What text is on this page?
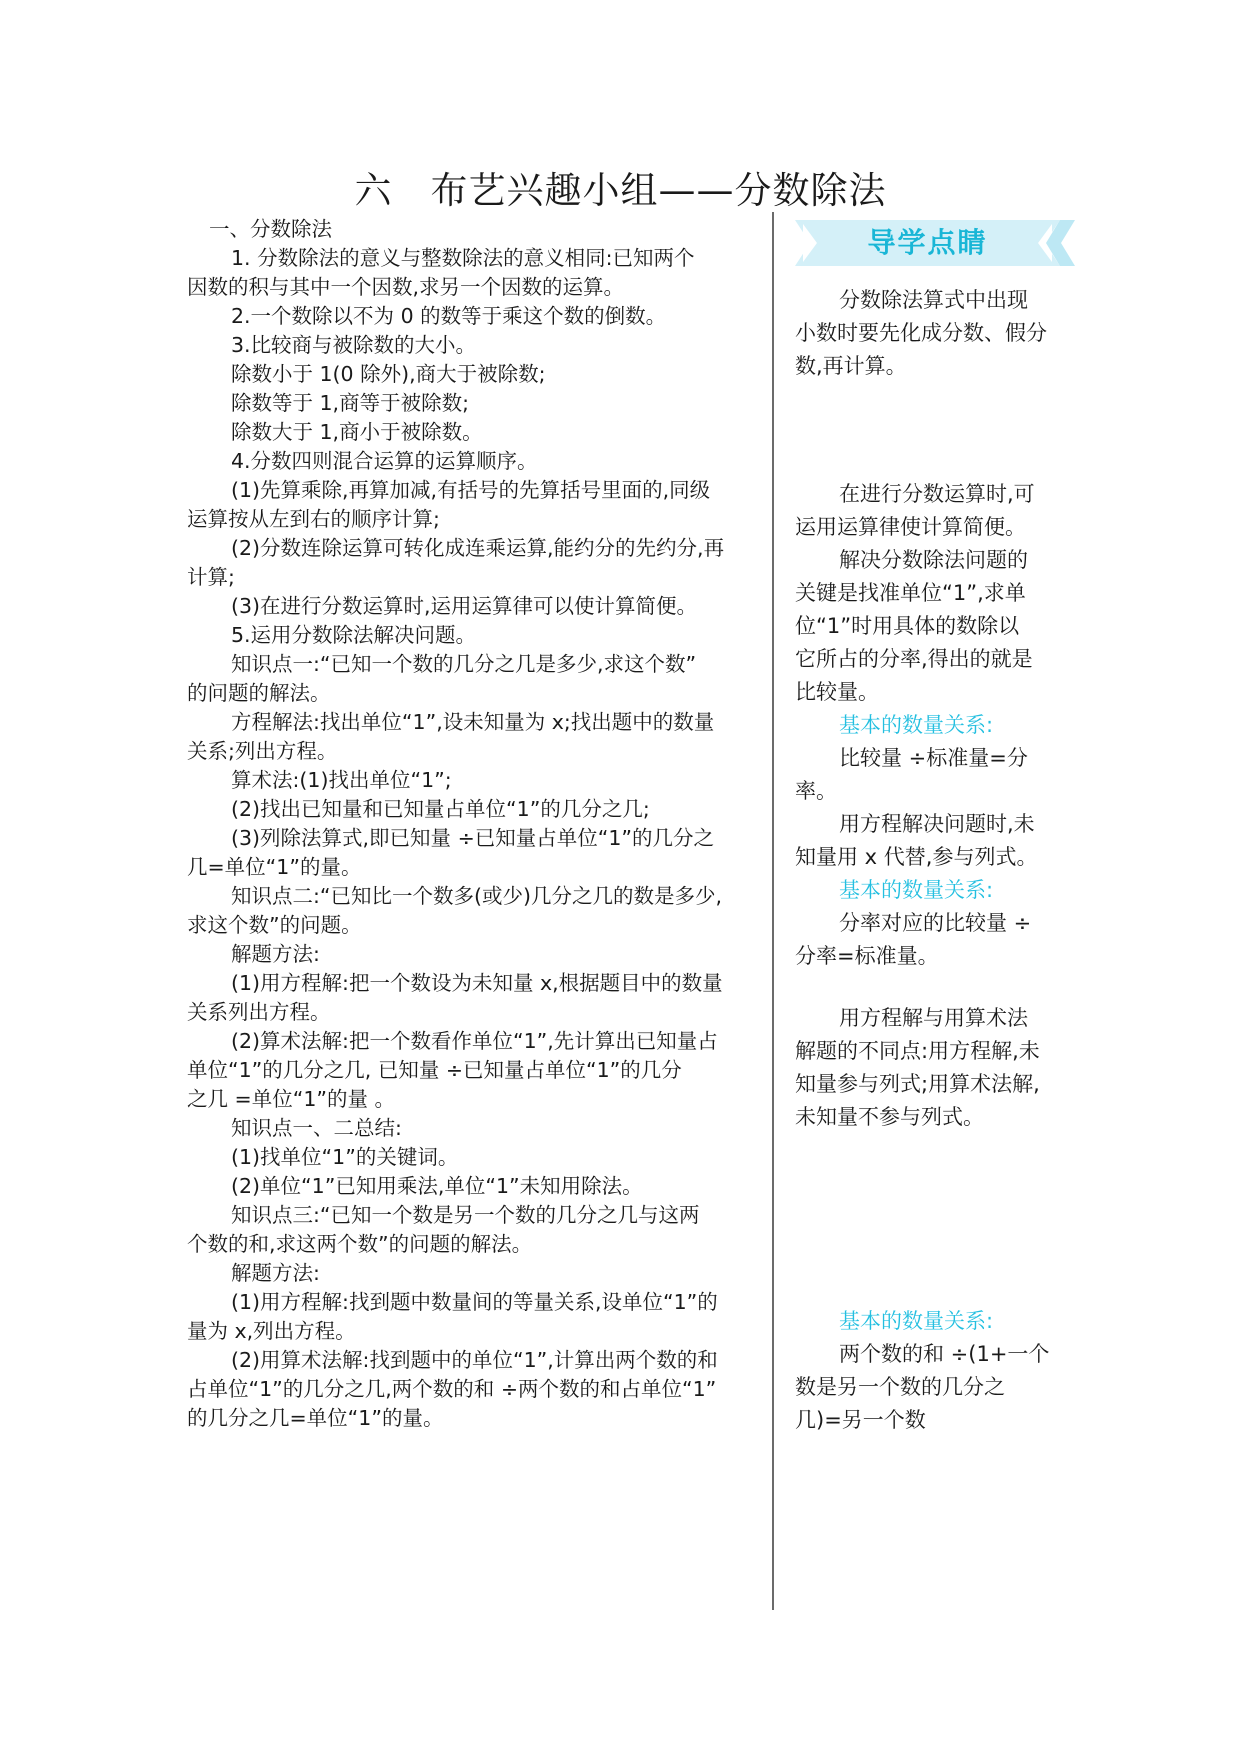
六　布艺兴趣小组——分数除法

一、分数除法

1. 分数除法的意义与整数除法的意义相同:已知两个

因数的积与其中一个因数,求另一个因数的运算。

2.一个数除以不为 0 的数等于乘这个数的倒数。

3.比较商与被除数的大小。

除数小于 1(0 除外),商大于被除数;

除数等于 1,商等于被除数;

除数大于 1,商小于被除数。

4.分数四则混合运算的运算顺序。

(1)先算乘除,再算加减,有括号的先算括号里面的,同级

运算按从左到右的顺序计算;

(2)分数连除运算可转化成连乘运算,能约分的先约分,再

计算;

(3)在进行分数运算时,运用运算律可以使计算简便。

5.运用分数除法解决问题。

知识点一:“已知一个数的几分之几是多少,求这个数”

的问题的解法。

方程解法:找出单位“1”,设未知量为 x;找出题中的数量

关系;列出方程。

算术法:(1)找出单位“1”;

(2)找出已知量和已知量占单位“1”的几分之几;

(3)列除法算式,即已知量 ÷已知量占单位“1”的几分之

几=单位“1”的量。

知识点二:“已知比一个数多(或少)几分之几的数是多少,

求这个数”的问题。

解题方法:

(1)用方程解:把一个数设为未知量 x,根据题目中的数量

关系列出方程。

(2)算术法解:把一个数看作单位“1”,先计算出已知量占

单位“1”的几分之几, 已知量 ÷已知量占单位“1”的几分

之几 =单位“1”的量 。

知识点一、二总结:

(1)找单位“1”的关键词。

(2)单位“1”已知用乘法,单位“1”未知用除法。

知识点三:“已知一个数是另一个数的几分之几与这两

个数的和,求这两个数”的问题的解法。

解题方法:

(1)用方程解:找到题中数量间的等量关系,设单位“1”的

量为 x,列出方程。

(2)用算术法解:找到题中的单位“1”,计算出两个数的和

占单位“1”的几分之几,两个数的和 ÷两个数的和占单位“1”

的几分之几=单位“1”的量。

导学点睛

分数除法算式中出现

小数时要先化成分数、假分

数,再计算。

在进行分数运算时,可

运用运算律使计算简便。

解决分数除法问题的

关键是找准单位“1”,求单

位“1”时用具体的数除以

它所占的分率,得出的就是

比较量。

基本的数量关系:

比较量 ÷标准量=分

率。

用方程解决问题时,未

知量用 x 代替,参与列式。

基本的数量关系:

分率对应的比较量 ÷

分率=标准量。

用方程解与用算术法

解题的不同点:用方程解,未

知量参与列式;用算术法解,

未知量不参与列式。

基本的数量关系:

两个数的和 ÷(1+一个

数是另一个数的几分之

几)=另一个数
